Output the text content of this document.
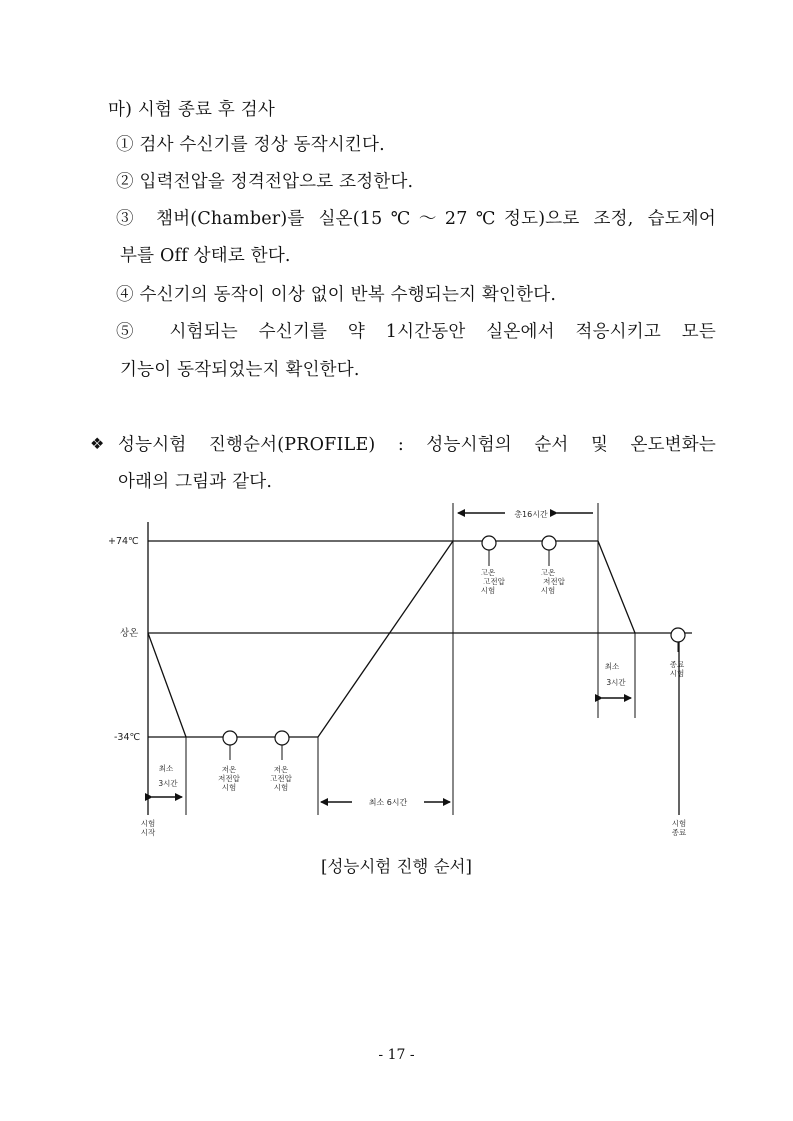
마) 시험 종료 후 검사
① 검사 수신기를 정상 동작시킨다.
② 입력전압을 정격전압으로 조정한다.
③ 챔버(Chamber)를 실온(15℃～27℃정도)으로 조정, 습도제어
부를 Off 상태로 한다.
④ 수신기의 동작이 이상 없이 반복 수행되는지 확인한다.
⑤ 시험되는 수신기를 약 1시간동안 실온에서 적응시키고 모든
기능이 동작되었는지 확인한다.
❖ 성능시험 진행순서(PROFILE) : 성능시험의 순서 및 온도변화는
아래의 그림과 같다.
+74℃
상온
-34℃
총16시간
고온
고전압
시험
고온
저전압
시험
최소
3시간
종료
시험
최소
3시간
저온
저전압
시험
저온
고전압
시험
최소 6시간
시험
시작
시험
종료
[성능시험 진행 순서]
- 17 -
